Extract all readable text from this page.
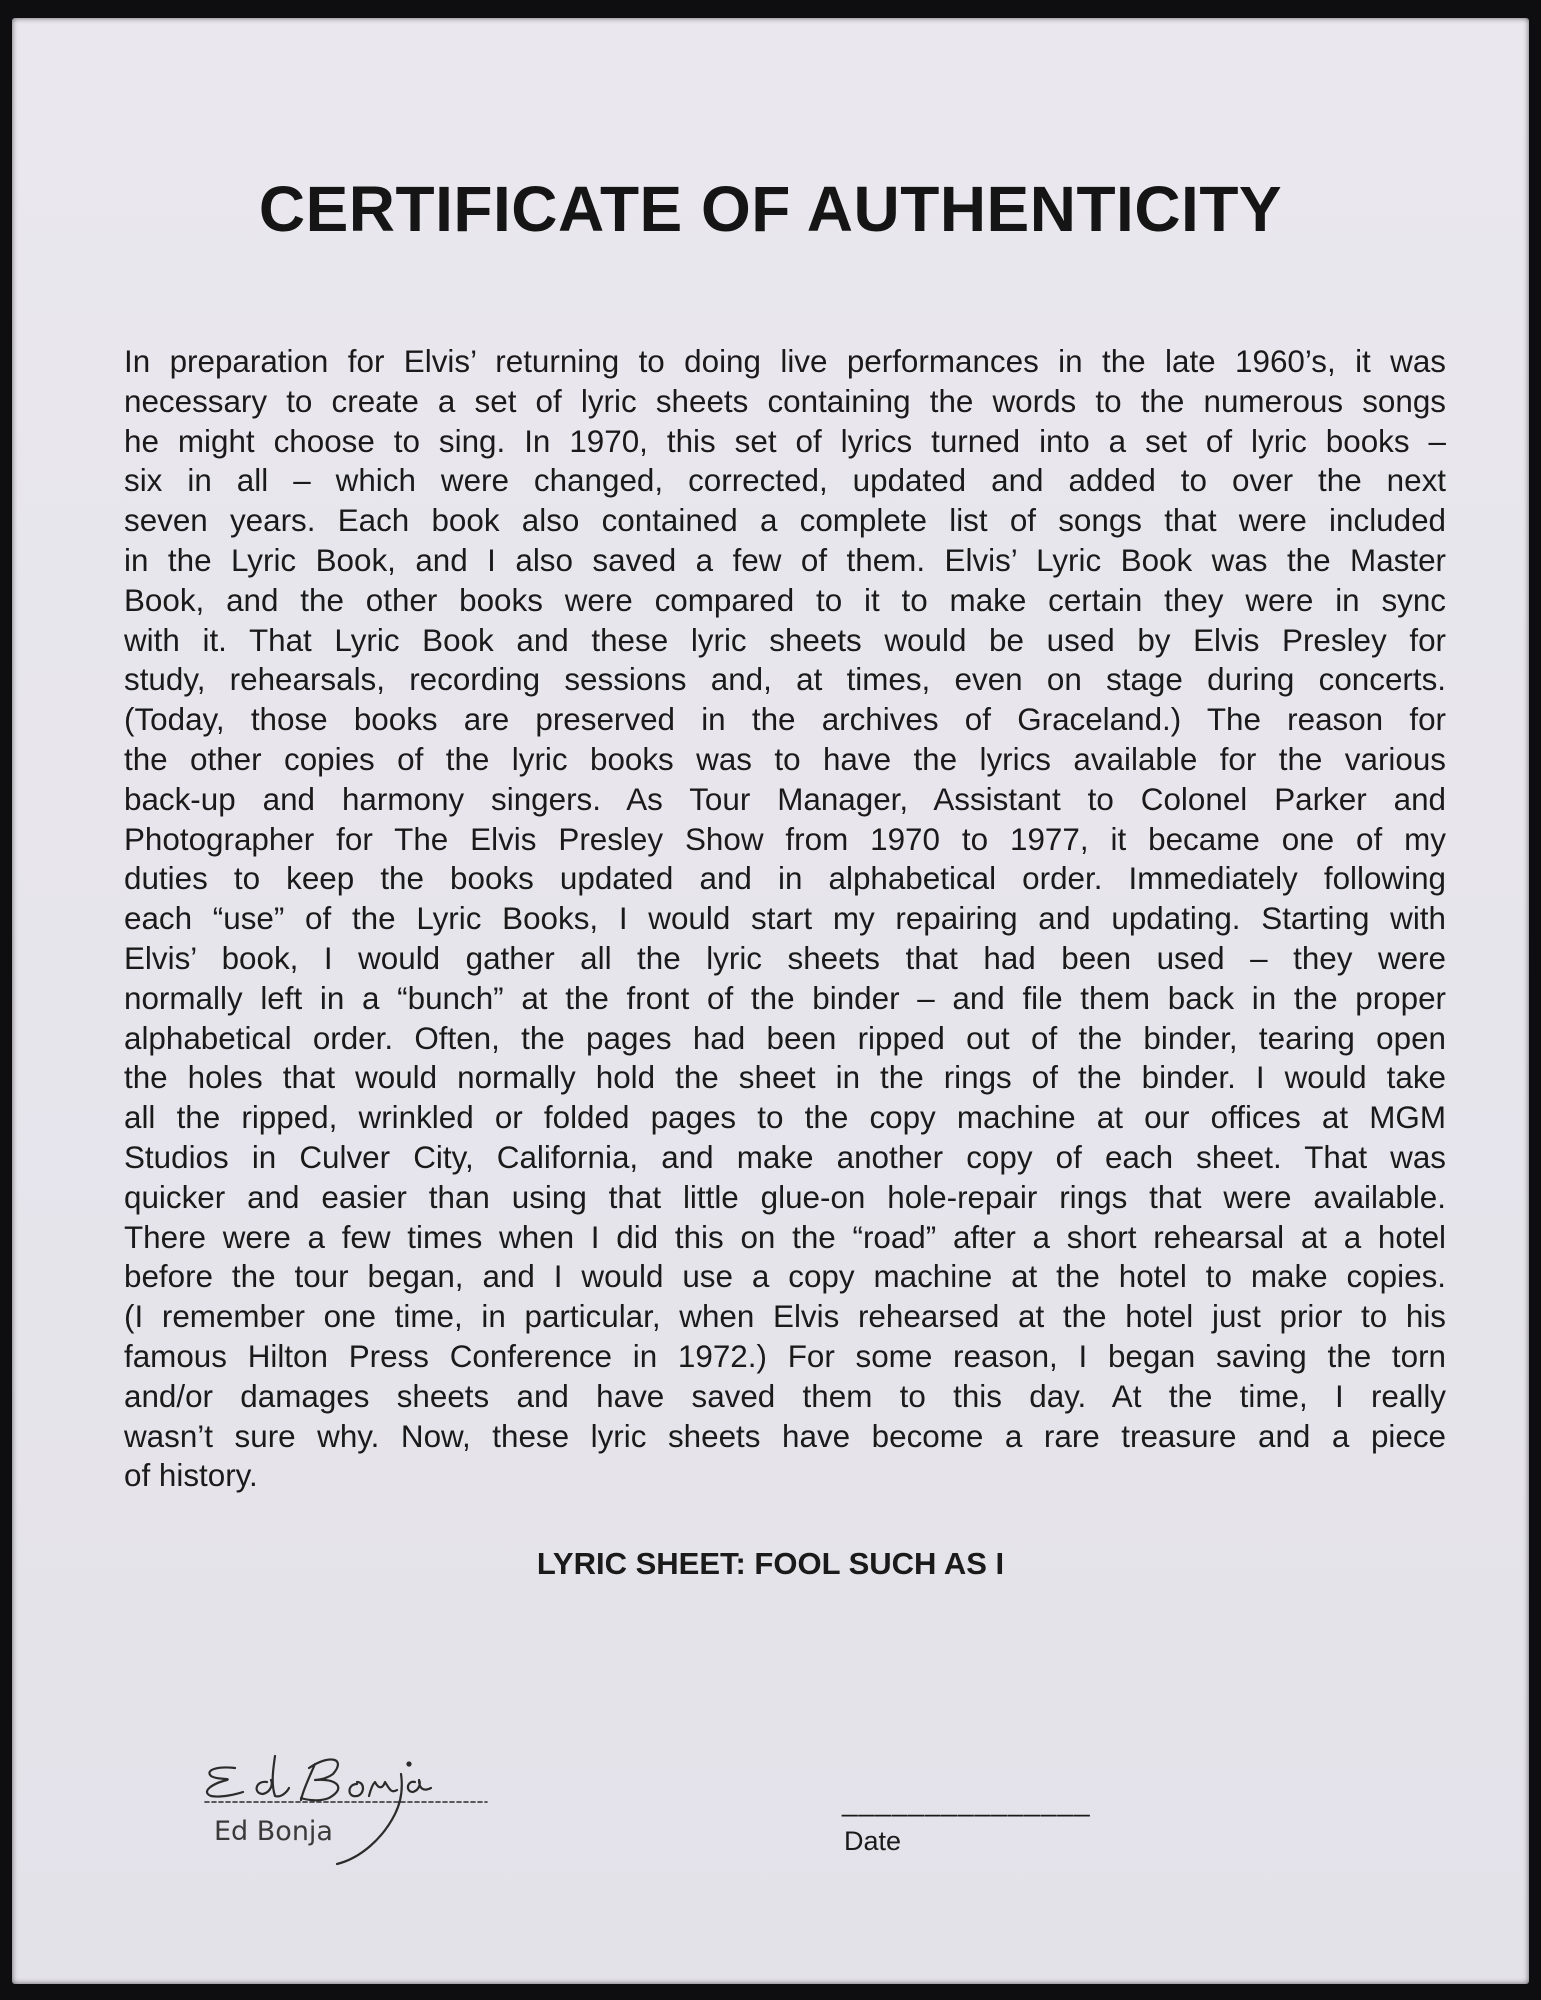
CERTIFICATE OF AUTHENTICITY
In preparation for Elvis’ returning to doing live performances in the late 1960’s, it was
necessary to create a set of lyric sheets containing the words to the numerous songs
he might choose to sing. In 1970, this set of lyrics turned into a set of lyric books –
six in all – which were changed, corrected, updated and added to over the next
seven years. Each book also contained a complete list of songs that were included
in the Lyric Book, and I also saved a few of them. Elvis’ Lyric Book was the Master
Book, and the other books were compared to it to make certain they were in sync
with it. That Lyric Book and these lyric sheets would be used by Elvis Presley for
study, rehearsals, recording sessions and, at times, even on stage during concerts.
(Today, those books are preserved in the archives of Graceland.) The reason for
the other copies of the lyric books was to have the lyrics available for the various
back-up and harmony singers. As Tour Manager, Assistant to Colonel Parker and
Photographer for The Elvis Presley Show from 1970 to 1977, it became one of my
duties to keep the books updated and in alphabetical order. Immediately following
each “use” of the Lyric Books, I would start my repairing and updating. Starting with
Elvis’ book, I would gather all the lyric sheets that had been used – they were
normally left in a “bunch” at the front of the binder – and file them back in the proper
alphabetical order. Often, the pages had been ripped out of the binder, tearing open
the holes that would normally hold the sheet in the rings of the binder. I would take
all the ripped, wrinkled or folded pages to the copy machine at our offices at MGM
Studios in Culver City, California, and make another copy of each sheet. That was
quicker and easier than using that little glue-on hole-repair rings that were available.
There were a few times when I did this on the “road” after a short rehearsal at a hotel
before the tour began, and I would use a copy machine at the hotel to make copies.
(I remember one time, in particular, when Elvis rehearsed at the hotel just prior to his
famous Hilton Press Conference in 1972.) For some reason, I began saving the torn
and/or damages sheets and have saved them to this day. At the time, I really
wasn’t sure why. Now, these lyric sheets have become a rare treasure and a piece
of history.
LYRIC SHEET: FOOL SUCH AS I
Ed Bonja
_______________
Date
